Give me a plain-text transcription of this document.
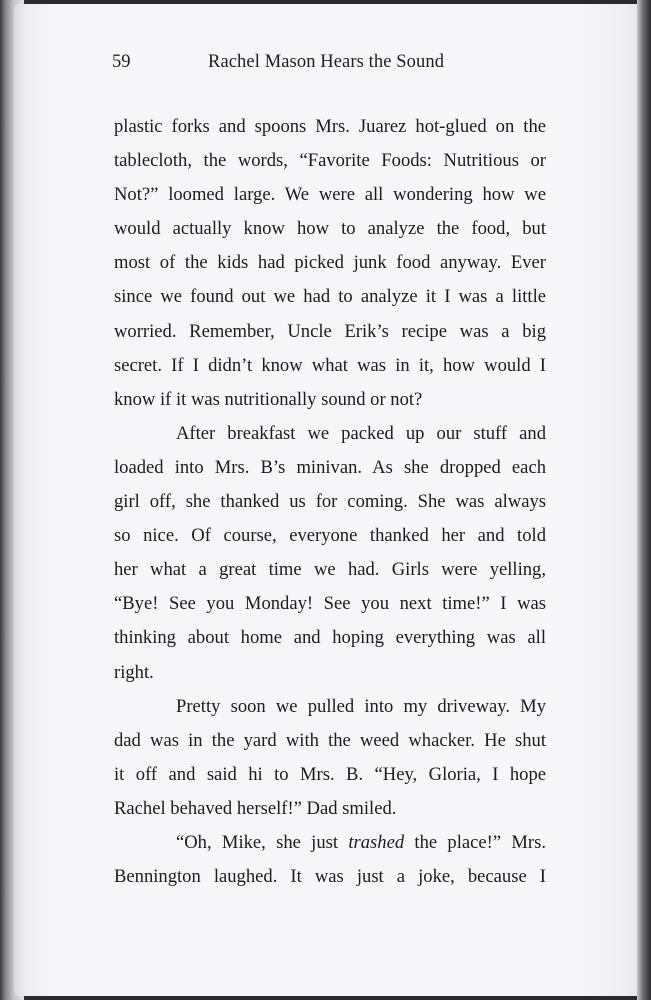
59	Rachel Mason Hears the Sound
plastic forks and spoons Mrs. Juarez hot-glued on the
tablecloth, the words, “Favorite Foods: Nutritious or
Not?” loomed large. We were all wondering how we
would actually know how to analyze the food, but
most of the kids had picked junk food anyway. Ever
since we found out we had to analyze it I was a little
worried. Remember, Uncle Erik’s recipe was a big
secret. If I didn’t know what was in it, how would I
know if it was nutritionally sound or not?
After breakfast we packed up our stuff and
loaded into Mrs. B’s minivan. As she dropped each
girl off, she thanked us for coming. She was always
so nice. Of course, everyone thanked her and told
her what a great time we had. Girls were yelling,
“Bye! See you Monday! See you next time!” I was
thinking about home and hoping everything was all
right.
Pretty soon we pulled into my driveway. My
dad was in the yard with the weed whacker. He shut
it off and said hi to Mrs. B. “Hey, Gloria, I hope
Rachel behaved herself!” Dad smiled.
“Oh, Mike, she just trashed the place!” Mrs.
Bennington laughed. It was just a joke, because I
